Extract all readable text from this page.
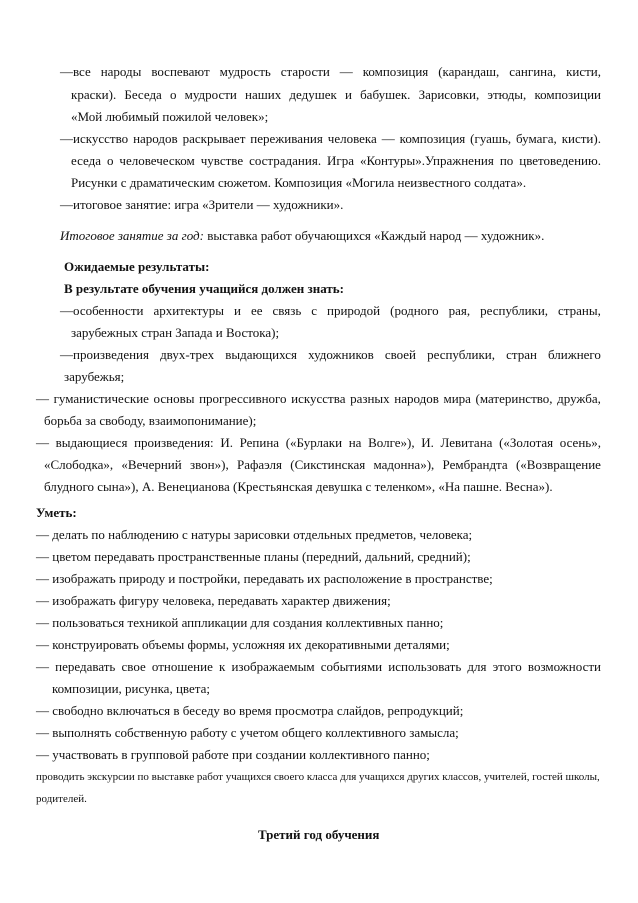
—все народы воспевают мудрость старости — композиция (карандаш, сангина, кисти,
краски). Беседа о мудрости наших дедушек и бабушек. Зарисовки, этюды, композиции
«Мой любимый пожилой человек»;
—искусство народов раскрывает переживания человека — композиция (гуашь, бумага, кисти).
еседа о человеческом чувстве сострадания. Игра «Контуры».Упражнения по цветоведению.
Рисунки с драматическим сюжетом. Композиция «Могила неизвестного солдата».
—итоговое занятие: игра «Зрители — художники».
Итоговое занятие за год: выставка работ обучающихся «Каждый народ — художник».
Ожидаемые результаты:
В результате обучения учащийся должен знать:
—особенности архитектуры и ее связь с природой (родного рая, республики, страны,
зарубежных стран Запада и Востока);
—произведения двух-трех выдающихся художников своей республики, стран ближнего
зарубежья;
— гуманистические основы прогрессивного искусства разных народов мира (материнство, дружба,
борьба за свободу, взаимопонимание);
— выдающиеся произведения: И. Репина («Бурлаки на Волге»), И. Левитана («Золотая осень»,
«Слободка», «Вечерний звон»), Рафаэля (Сикстинская мадонна»), Рембрандта («Возвращение
блудного сына»), А. Венецианова (Крестьянская девушка с теленком», «На пашне. Весна»).
Уметь:
— делать по наблюдению с натуры зарисовки отдельных предметов, человека;
— цветом передавать пространственные планы (передний, дальний, средний);
— изображать природу и постройки, передавать их расположение в пространстве;
— изображать фигуру человека, передавать характер движения;
— пользоваться техникой аппликации для создания коллективных панно;
— конструировать объемы формы, усложняя их декоративными деталями;
— передавать свое отношение к изображаемым событиями использовать для этого возможности
композиции, рисунка, цвета;
— свободно включаться в беседу во время просмотра слайдов, репродукций;
— выполнять собственную работу с учетом общего коллективного замысла;
— участвовать в групповой работе при создании коллективного панно;
проводить экскурсии по выставке работ учащихся своего класса для учащихся других классов, учителей, гостей школы,
родителей.
Третий год обучения
